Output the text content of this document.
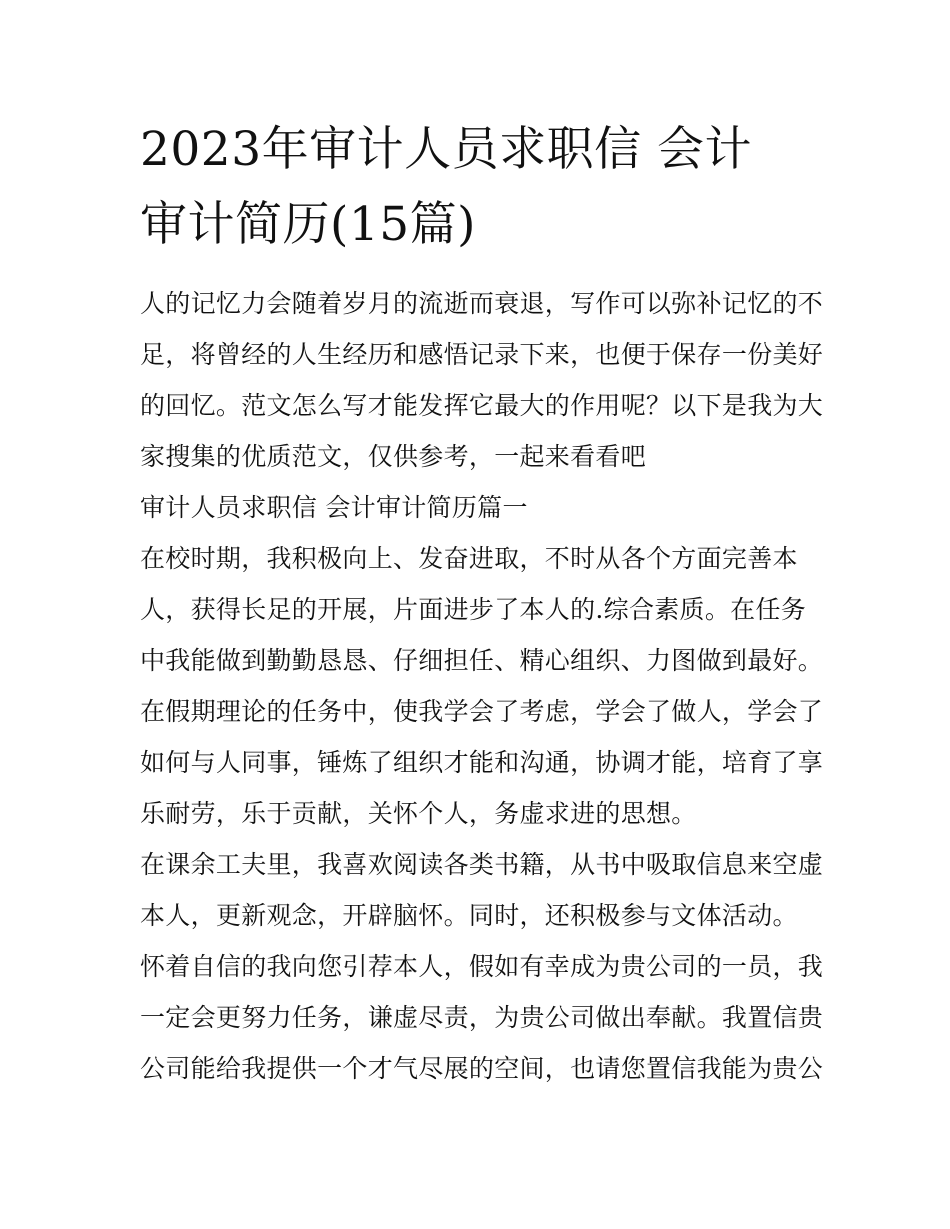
2023年审计人员求职信 会计
审计简历(15篇)
人的记忆力会随着岁月的流逝而衰退，写作可以弥补记忆的不
足，将曾经的人生经历和感悟记录下来，也便于保存一份美好
的回忆。范文怎么写才能发挥它最大的作用呢？以下是我为大
家搜集的优质范文，仅供参考，一起来看看吧
审计人员求职信 会计审计简历篇一
在校时期，我积极向上、发奋进取，不时从各个方面完善本
人，获得长足的开展，片面进步了本人的.综合素质。在任务
中我能做到勤勤恳恳、仔细担任、精心组织、力图做到最好。
在假期理论的任务中，使我学会了考虑，学会了做人，学会了
如何与人同事，锤炼了组织才能和沟通，协调才能，培育了享
乐耐劳，乐于贡献，关怀个人，务虚求进的思想。
在课余工夫里，我喜欢阅读各类书籍，从书中吸取信息来空虚
本人，更新观念，开辟脑怀。同时，还积极参与文体活动。
怀着自信的我向您引荐本人，假如有幸成为贵公司的一员，我
一定会更努力任务，谦虚尽责，为贵公司做出奉献。我置信贵
公司能给我提供一个才气尽展的空间，也请您置信我能为贵公
